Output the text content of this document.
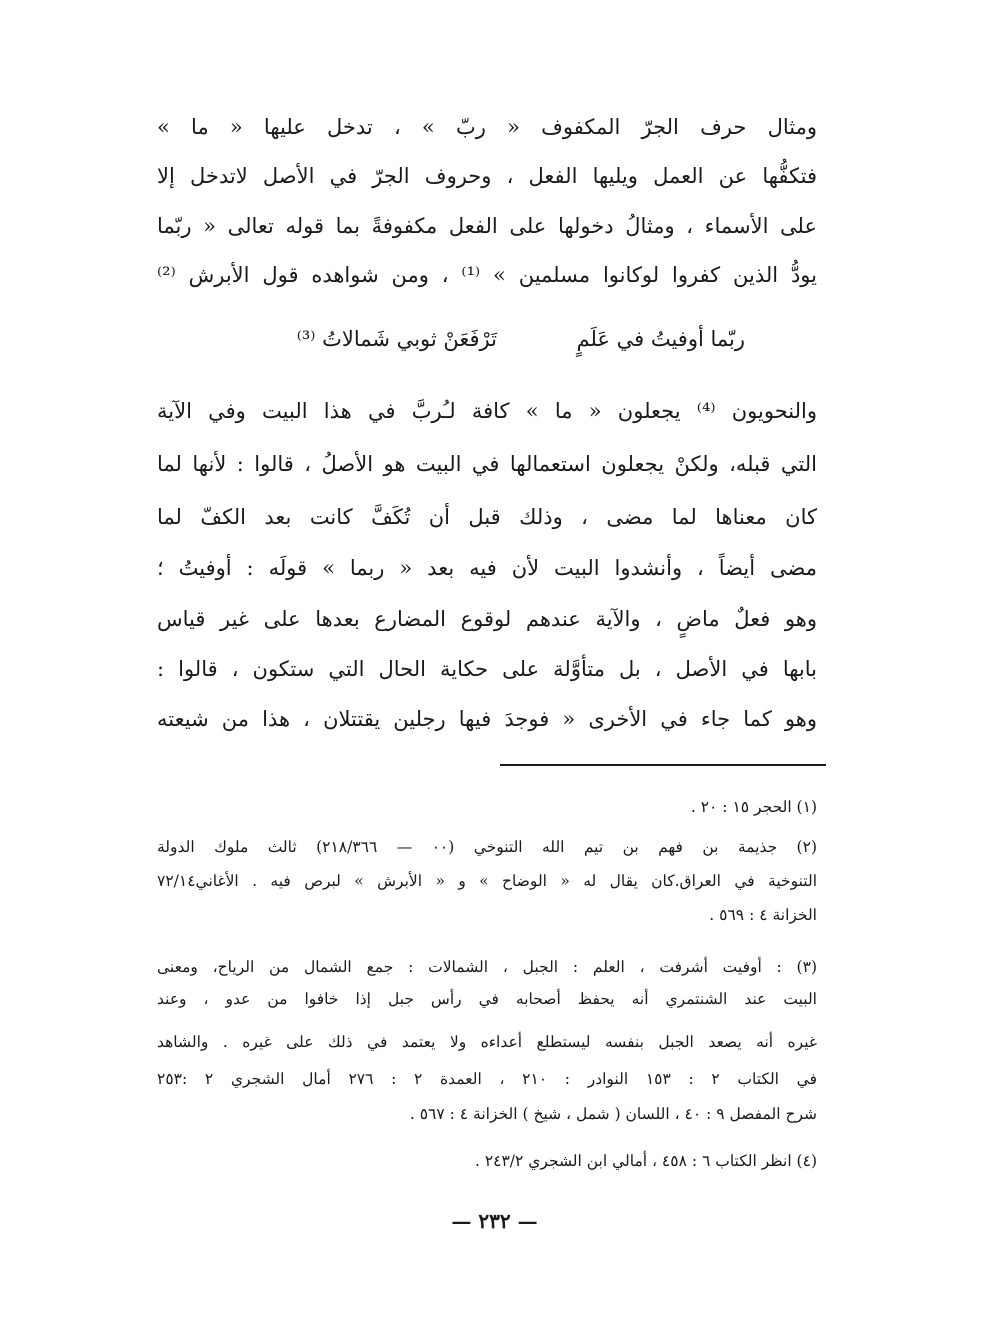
ومثال حرف الجرّ المكفوف « ربّ » ، تدخل عليها « ما »
فتكفُّها عن العمل ويليها الفعل ، وحروف الجرّ في الأصل لاتدخل إلا
على الأسماء ، ومثالُ دخولها على الفعل مكفوفةً بما قوله تعالى « ربّما
يودُّ الذين كفروا لوكانوا مسلمين » ⁽¹⁾ ، ومن شواهده قول الأبرش ⁽²⁾
ربّما أوفيتُ في عَلَمٍ
تَرْفَعَنْ ثوبي شَمالاتُ ⁽³⁾
والنحويون ⁽⁴⁾ يجعلون « ما » كافة لـُربَّ في هذا البيت وفي الآية
التي قبله، ولكنْ يجعلون استعمالها في البيت هو الأصلُ ، قالوا : لأنها لما
كان معناها لما مضى ، وذلك قبل أن تُكَفَّ كانت بعد الكفّ لما
مضى أيضاً ، وأنشدوا البيت لأن فيه بعد « ربما » قولَه : أوفيتُ ؛
وهو فعلٌ ماضٍ ، والآية عندهم لوقوع المضارع بعدها على غير قياس
بابها في الأصل ، بل متأوَّلة على حكاية الحال التي ستكون ، قالوا :
وهو كما جاء في الأخرى « فوجدَ فيها رجلين يقتتلان ، هذا من شيعته
(١) الحجر ١٥ : ٢٠ .
(٢) جذيمة بن فهم بن تيم الله التنوخي (٠٠ — ٢١٨/٣٦٦) ثالث ملوك الدولة
التنوخية في العراق.كان يقال له « الوضاح » و « الأبرش » لبرص فيه . الأغاني٧٢/١٤
الخزانة ٤ : ٥٦٩ .
(٣) : أوفيت أشرفت ، العلم : الجبل ، الشمالات : جمع الشمال من الرياح، ومعنى
البيت عند الشنتمري أنه يحفظ أصحابه في رأس جبل إذا خافوا من عدو ، وعند
غيره أنه يصعد الجبل بنفسه ليستطلع أعداءه ولا يعتمد في ذلك على غيره . والشاهد
في الكتاب ٢ : ١٥٣ النوادر : ٢١٠ ، العمدة ٢ : ٢٧٦ أمال الشجري ٢ :٢٥٣
شرح المفصل ٩ : ٤٠ ، اللسان ( شمل ، شيخ ) الخزانة ٤ : ٥٦٧ .
(٤) انظر الكتاب ٦ : ٤٥٨ ، أمالي ابن الشجري ٢٤٣/٢ .
— ٢٣٢ —
